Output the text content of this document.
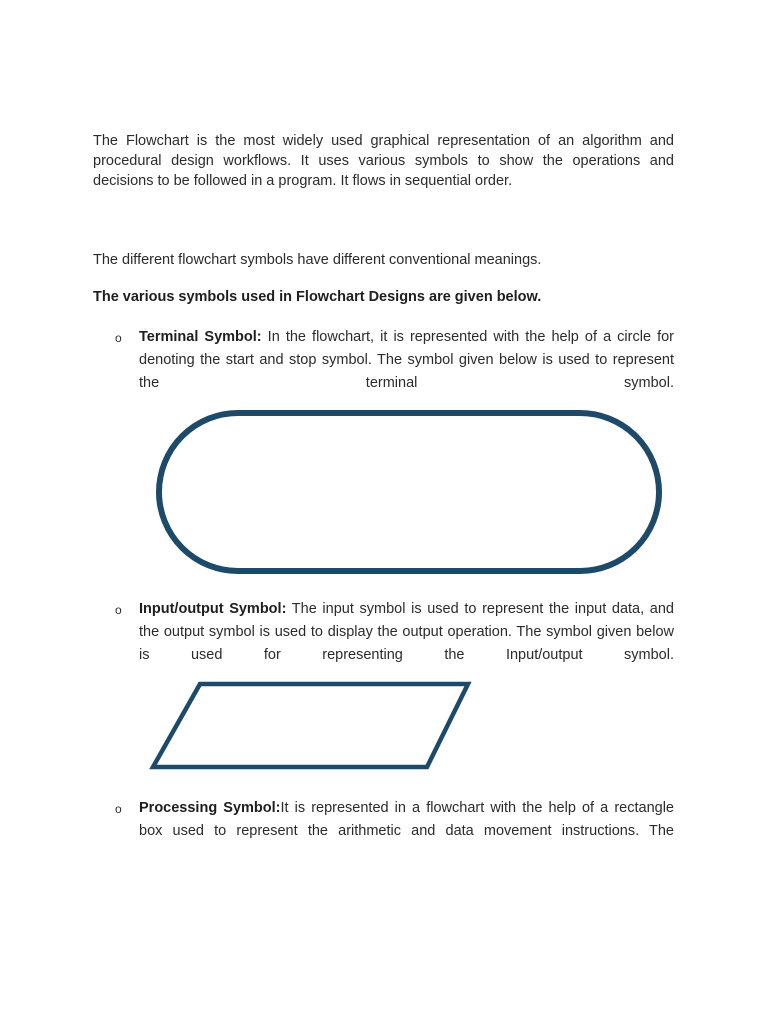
The Flowchart is the most widely used graphical representation of an algorithm and procedural design workflows. It uses various symbols to show the operations and decisions to be followed in a program. It flows in sequential order.

The different flowchart symbols have different conventional meanings.

The various symbols used in Flowchart Designs are given below.

o Terminal Symbol: In the flowchart, it is represented with the help of a circle for denoting the start and stop symbol. The symbol given below is used to represent the terminal symbol.

o Input/output Symbol: The input symbol is used to represent the input data, and the output symbol is used to display the output operation. The symbol given below is used for representing the Input/output symbol.

o Processing Symbol:It is represented in a flowchart with the help of a rectangle box used to represent the arithmetic and data movement instructions. The
